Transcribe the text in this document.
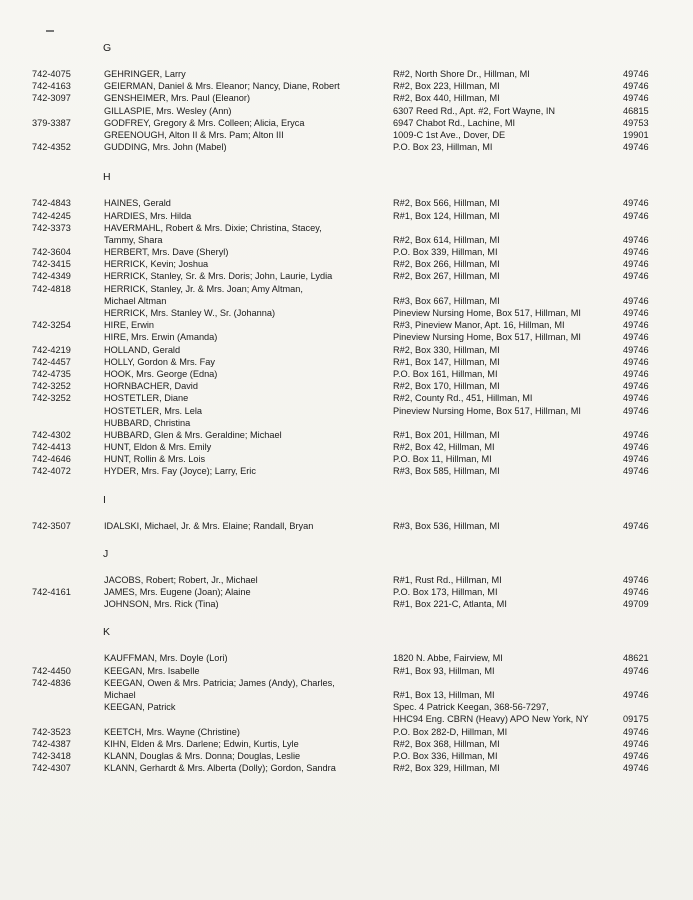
G
742-4075	GEHRINGER, Larry	R#2, North Shore Dr., Hillman, MI	49746
742-4163	GEIERMAN, Daniel & Mrs. Eleanor; Nancy, Diane, Robert	R#2, Box 223, Hillman, MI	49746
742-3097	GENSHEIMER, Mrs. Paul (Eleanor)	R#2, Box 440, Hillman, MI	49746
GILLASPIE, Mrs. Wesley (Ann)	6307 Reed Rd., Apt. #2, Fort Wayne, IN	46815
379-3387	GODFREY, Gregory & Mrs. Colleen; Alicia, Eryca	6947 Chabot Rd., Lachine, MI	49753
GREENOUGH, Alton II & Mrs. Pam; Alton III	1009-C 1st Ave., Dover, DE	19901
742-4352	GUDDING, Mrs. John (Mabel)	P.O. Box 23, Hillman, MI	49746
H
742-4843	HAINES, Gerald	R#2, Box 566, Hillman, MI	49746
742-4245	HARDIES, Mrs. Hilda	R#1, Box 124, Hillman, MI	49746
742-3373	HAVERMAHL, Robert & Mrs. Dixie; Christina, Stacey,
Tammy, Shara	R#2, Box 614, Hillman, MI	49746
742-3604	HERBERT, Mrs. Dave (Sheryl)	P.O. Box 339, Hillman, MI	49746
742-3415	HERRICK, Kevin; Joshua	R#2, Box 266, Hillman, MI	49746
742-4349	HERRICK, Stanley, Sr. & Mrs. Doris; John, Laurie, Lydia	R#2, Box 267, Hillman, MI	49746
742-4818	HERRICK, Stanley, Jr. & Mrs. Joan; Amy Altman,
Michael Altman	R#3, Box 667, Hillman, MI	49746
HERRICK, Mrs. Stanley W., Sr. (Johanna)	Pineview Nursing Home, Box 517, Hillman, MI	49746
742-3254	HIRE, Erwin	R#3, Pineview Manor, Apt. 16, Hillman, MI	49746
HIRE, Mrs. Erwin (Amanda)	Pineview Nursing Home, Box 517, Hillman, MI	49746
742-4219	HOLLAND, Gerald	R#2, Box 330, Hillman, MI	49746
742-4457	HOLLY, Gordon & Mrs. Fay	R#1, Box 147, Hillman, MI	49746
742-4735	HOOK, Mrs. George (Edna)	P.O. Box 161, Hillman, MI	49746
742-3252	HORNBACHER, David	R#2, Box 170, Hillman, MI	49746
742-3252	HOSTETLER, Diane	R#2, County Rd., 451, Hillman, MI	49746
HOSTETLER, Mrs. Lela	Pineview Nursing Home, Box 517, Hillman, MI	49746
HUBBARD, Christina
742-4302	HUBBARD, Glen & Mrs. Geraldine; Michael	R#1, Box 201, Hillman, MI	49746
742-4413	HUNT, Eldon & Mrs. Emily	R#2, Box 42, Hillman, MI	49746
742-4646	HUNT, Rollin & Mrs. Lois	P.O. Box 11, Hillman, MI	49746
742-4072	HYDER, Mrs. Fay (Joyce); Larry, Eric	R#3, Box 585, Hillman, MI	49746
I
742-3507	IDALSKI, Michael, Jr. & Mrs. Elaine; Randall, Bryan	R#3, Box 536, Hillman, MI	49746
J
JACOBS, Robert; Robert, Jr., Michael	R#1, Rust Rd., Hillman, MI	49746
742-4161	JAMES, Mrs. Eugene (Joan); Alaine	P.O. Box 173, Hillman, MI	49746
JOHNSON, Mrs. Rick (Tina)	R#1, Box 221-C, Atlanta, MI	49709
K
KAUFFMAN, Mrs. Doyle (Lori)	1820 N. Abbe, Fairview, MI	48621
742-4450	KEEGAN, Mrs. Isabelle	R#1, Box 93, Hillman, MI	49746
742-4836	KEEGAN, Owen & Mrs. Patricia; James (Andy), Charles,
Michael	R#1, Box 13, Hillman, MI	49746
KEEGAN, Patrick	Spec. 4 Patrick Keegan, 368-56-7297,
HHC94 Eng. CBRN (Heavy) APO New York, NY	09175
742-3523	KEETCH, Mrs. Wayne (Christine)	P.O. Box 282-D, Hillman, MI	49746
742-4387	KIHN, Elden & Mrs. Darlene; Edwin, Kurtis, Lyle	R#2, Box 368, Hillman, MI	49746
742-3418	KLANN, Douglas & Mrs. Donna; Douglas, Leslie	P.O. Box 336, Hillman, MI	49746
742-4307	KLANN, Gerhardt & Mrs. Alberta (Dolly); Gordon, Sandra	R#2, Box 329, Hillman, MI	49746
